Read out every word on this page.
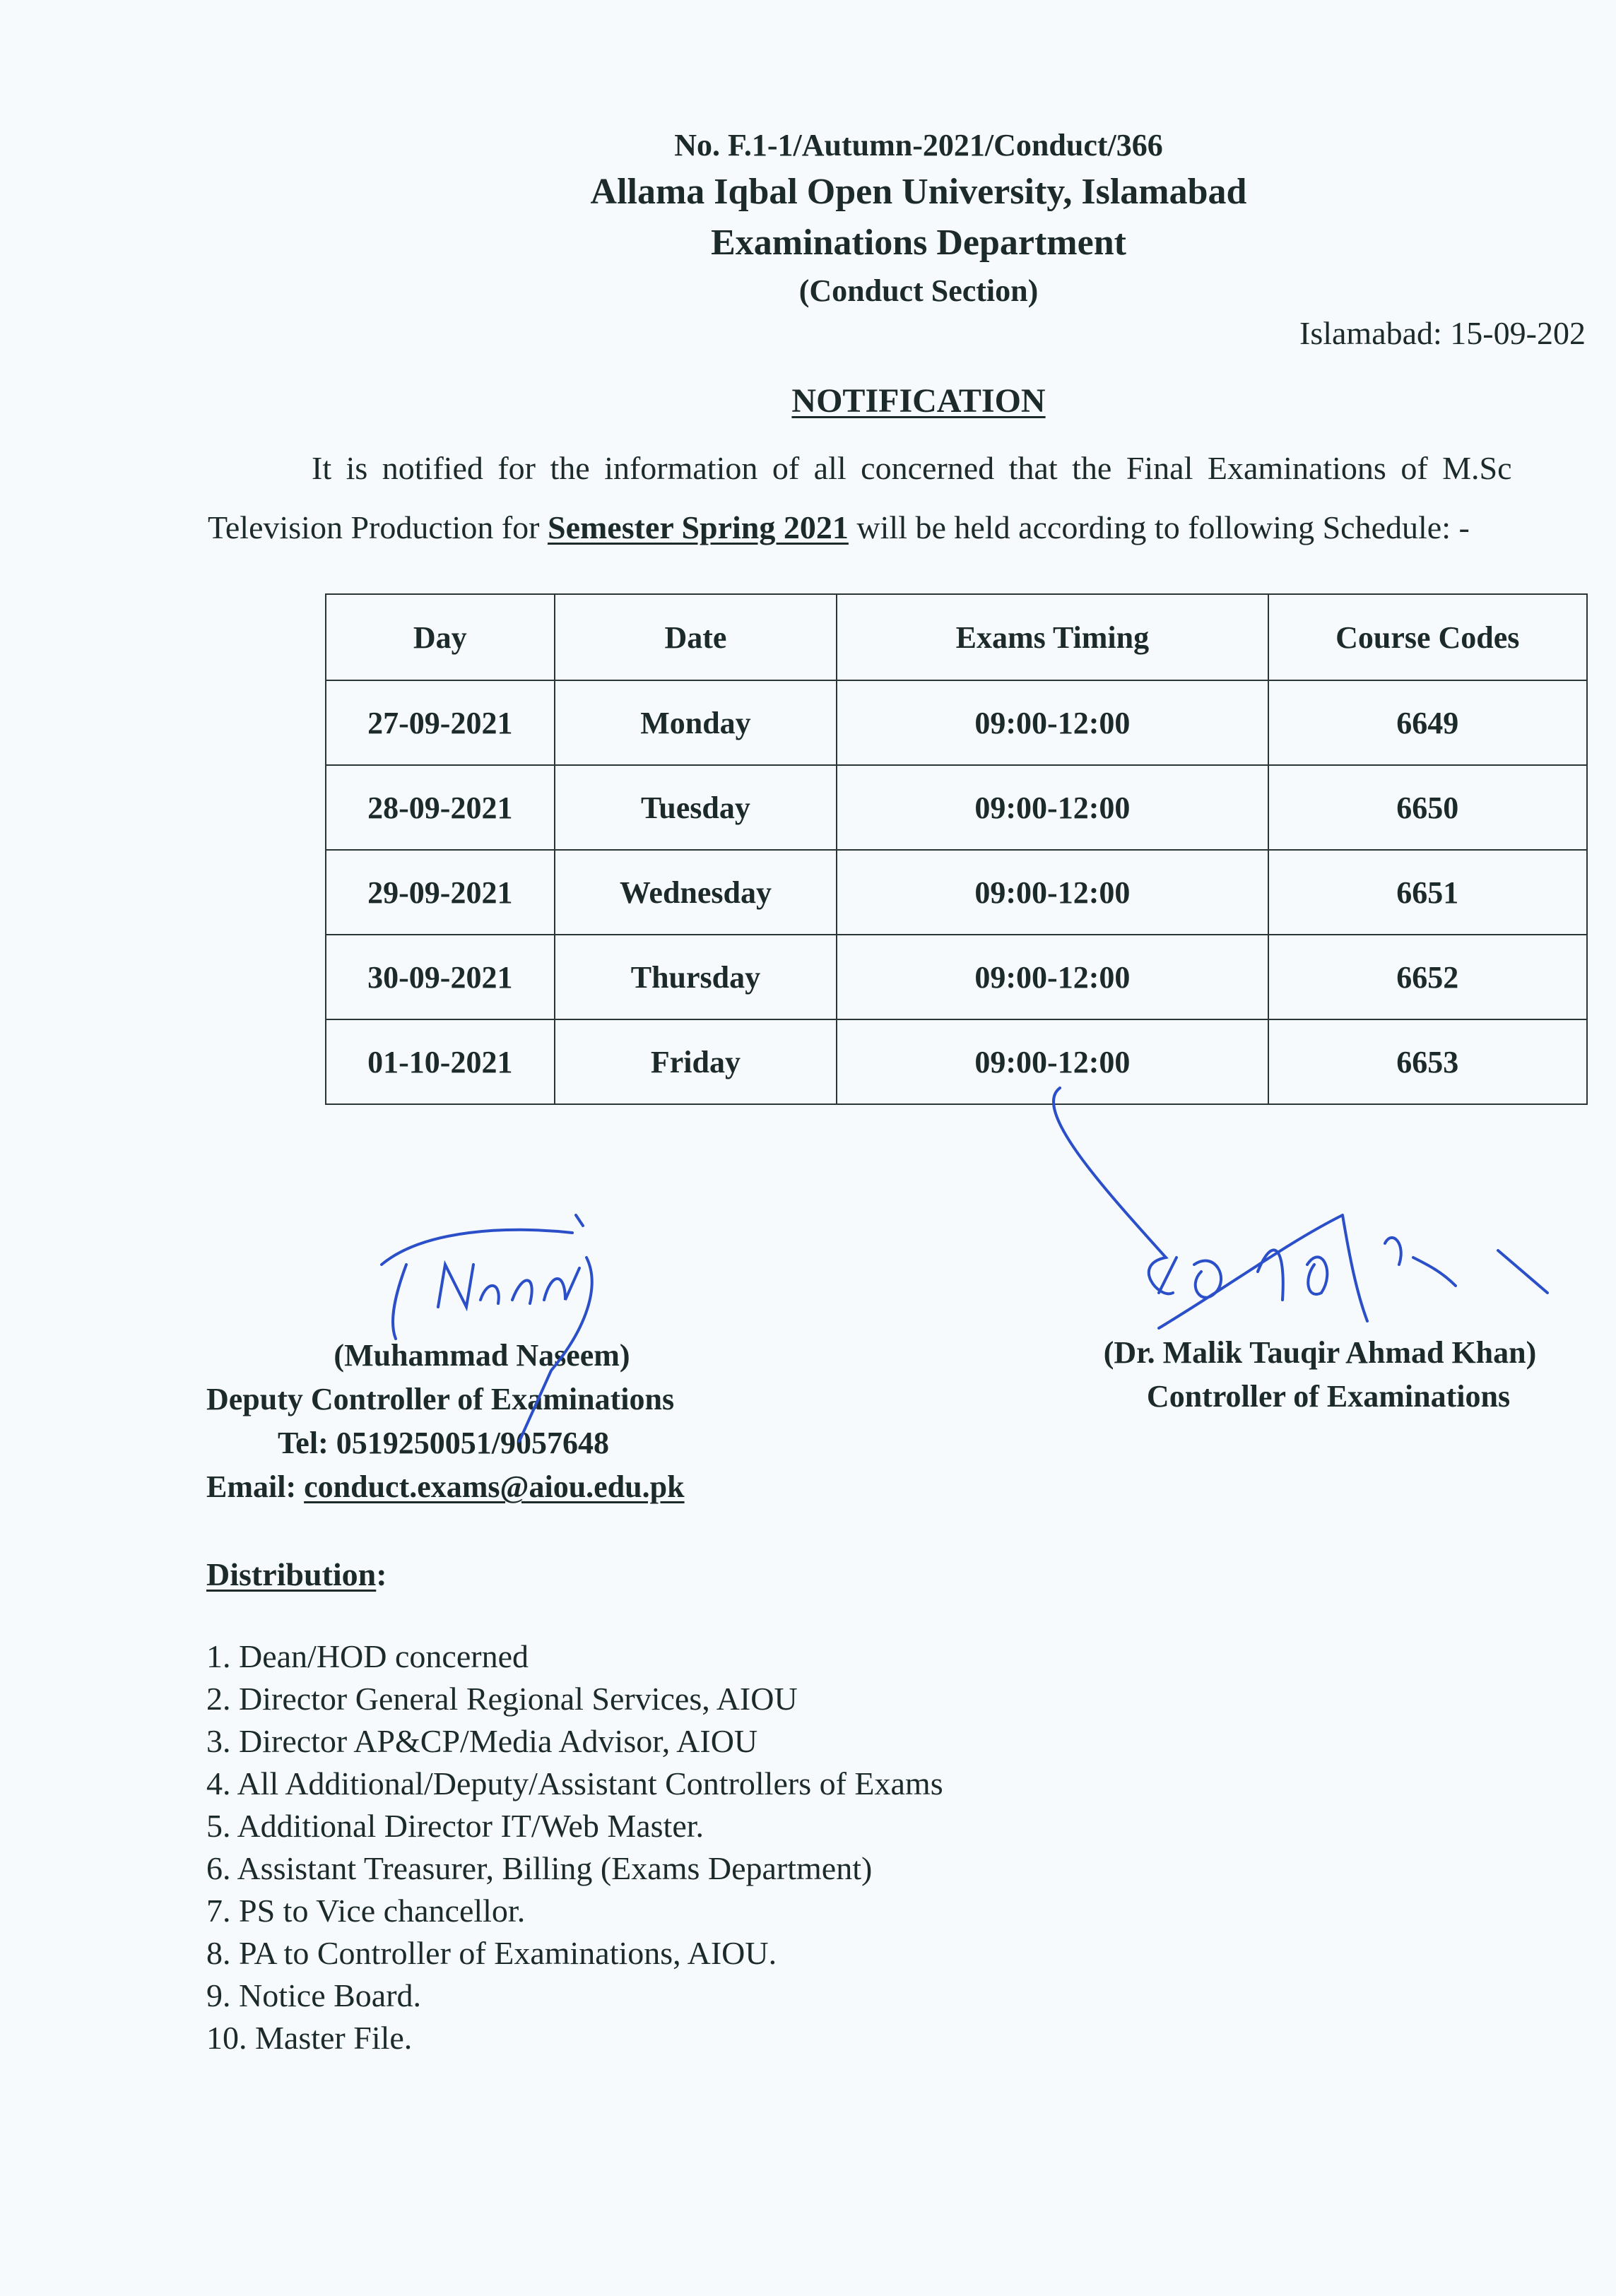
No. F.1-1/Autumn-2021/Conduct/366
Allama Iqbal Open University, Islamabad
Examinations Department
(Conduct Section)
Islamabad: 15-09-202
NOTIFICATION
It is notified for the information of all concerned that the Final Examinations of M.Sc
Television Production for Semester Spring 2021 will be held according to following Schedule: -
Day	Date	Exams Timing	Course Codes
27-09-2021	Monday	09:00-12:00	6649
28-09-2021	Tuesday	09:00-12:00	6650
29-09-2021	Wednesday	09:00-12:00	6651
30-09-2021	Thursday	09:00-12:00	6652
01-10-2021	Friday	09:00-12:00	6653
(Muhammad Naseem)
Deputy Controller of Examinations
Tel: 0519250051/9057648
Email: conduct.exams@aiou.edu.pk
(Dr. Malik Tauqir Ahmad Khan)
Controller of Examinations
Distribution:
1. Dean/HOD concerned
2. Director General Regional Services, AIOU
3. Director AP&CP/Media Advisor, AIOU
4. All Additional/Deputy/Assistant Controllers of Exams
5. Additional Director IT/Web Master.
6. Assistant Treasurer, Billing (Exams Department)
7. PS to Vice chancellor.
8. PA to Controller of Examinations, AIOU.
9. Notice Board.
10. Master File.
